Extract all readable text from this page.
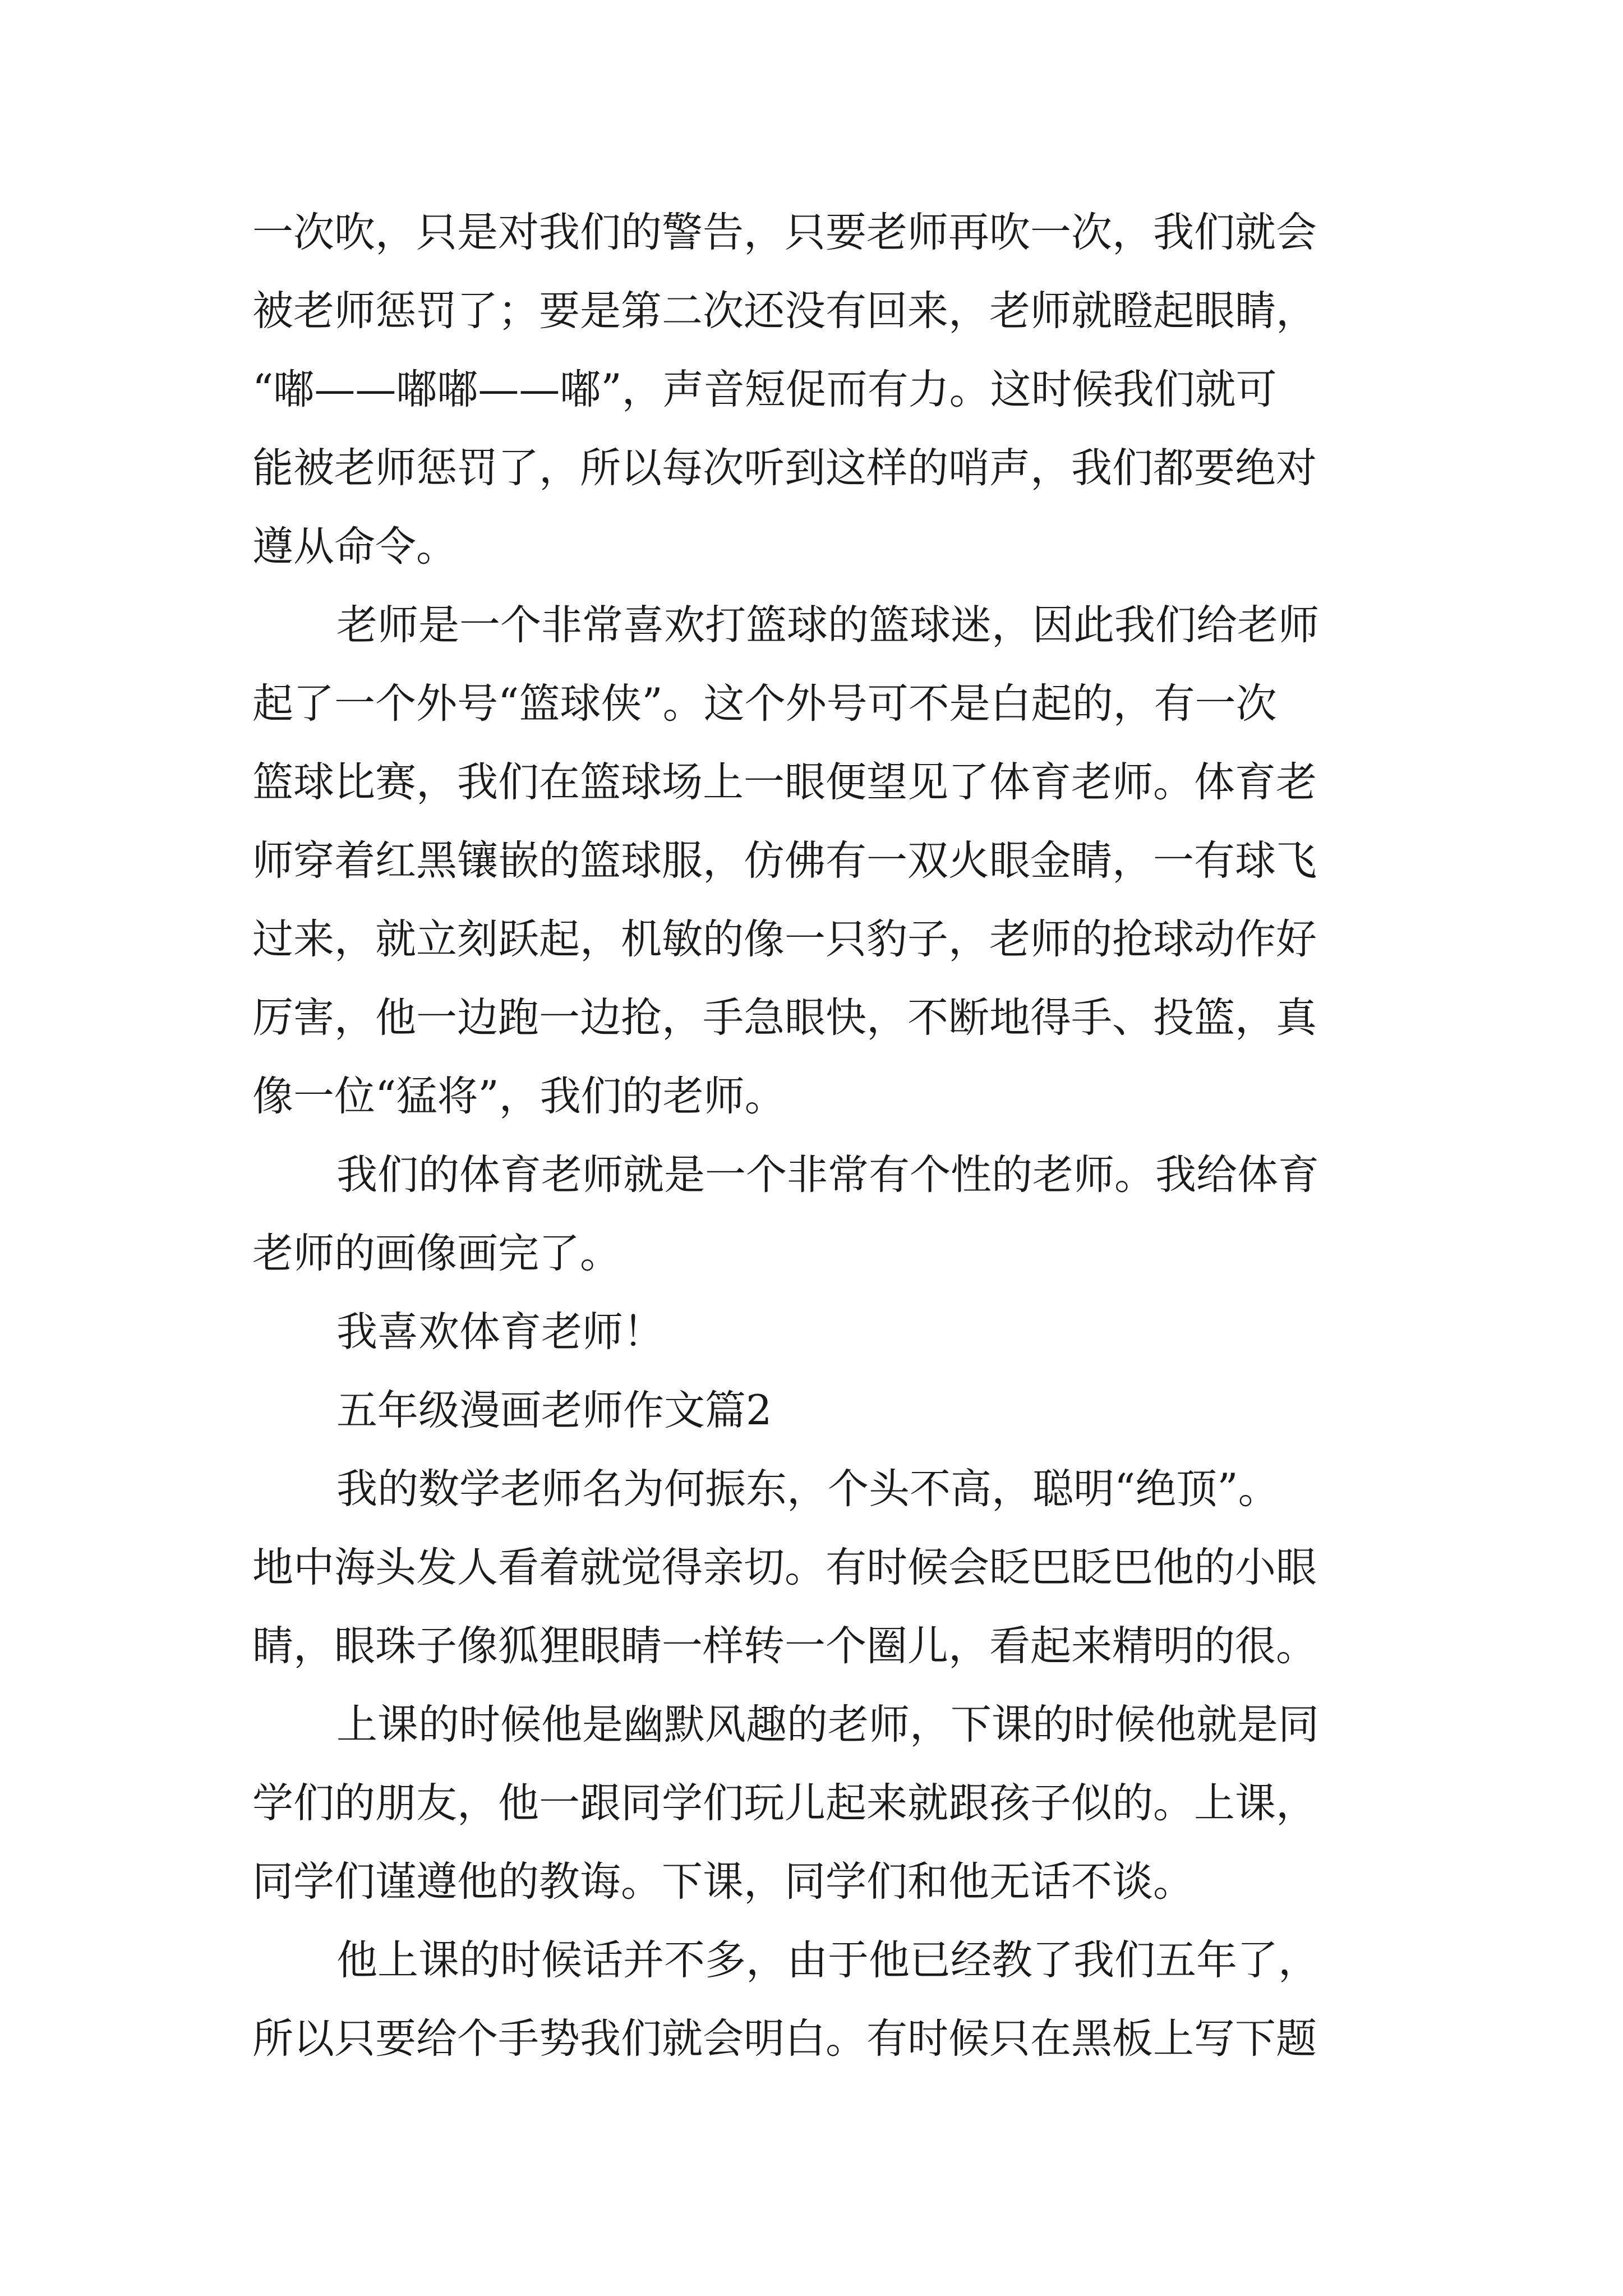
一次吹，只是对我们的警告，只要老师再吹一次，我们就会
被老师惩罚了；要是第二次还没有回来，老师就瞪起眼睛，
“嘟——嘟嘟——嘟”，声音短促而有力。这时候我们就可
能被老师惩罚了，所以每次听到这样的哨声，我们都要绝对
遵从命令。
老师是一个非常喜欢打篮球的篮球迷，因此我们给老师
起了一个外号“篮球侠”。这个外号可不是白起的，有一次
篮球比赛，我们在篮球场上一眼便望见了体育老师。体育老
师穿着红黑镶嵌的篮球服，仿佛有一双火眼金睛，一有球飞
过来，就立刻跃起，机敏的像一只豹子，老师的抢球动作好
厉害，他一边跑一边抢，手急眼快，不断地得手、投篮，真
像一位“猛将”，我们的老师。
我们的体育老师就是一个非常有个性的老师。我给体育
老师的画像画完了。
我喜欢体育老师！
五年级漫画老师作文篇2
我的数学老师名为何振东，个头不高，聪明“绝顶”。
地中海头发人看着就觉得亲切。有时候会眨巴眨巴他的小眼
睛，眼珠子像狐狸眼睛一样转一个圈儿，看起来精明的很。
上课的时候他是幽默风趣的老师，下课的时候他就是同
学们的朋友，他一跟同学们玩儿起来就跟孩子似的。上课，
同学们谨遵他的教诲。下课，同学们和他无话不谈。
他上课的时候话并不多，由于他已经教了我们五年了，
所以只要给个手势我们就会明白。有时候只在黑板上写下题
